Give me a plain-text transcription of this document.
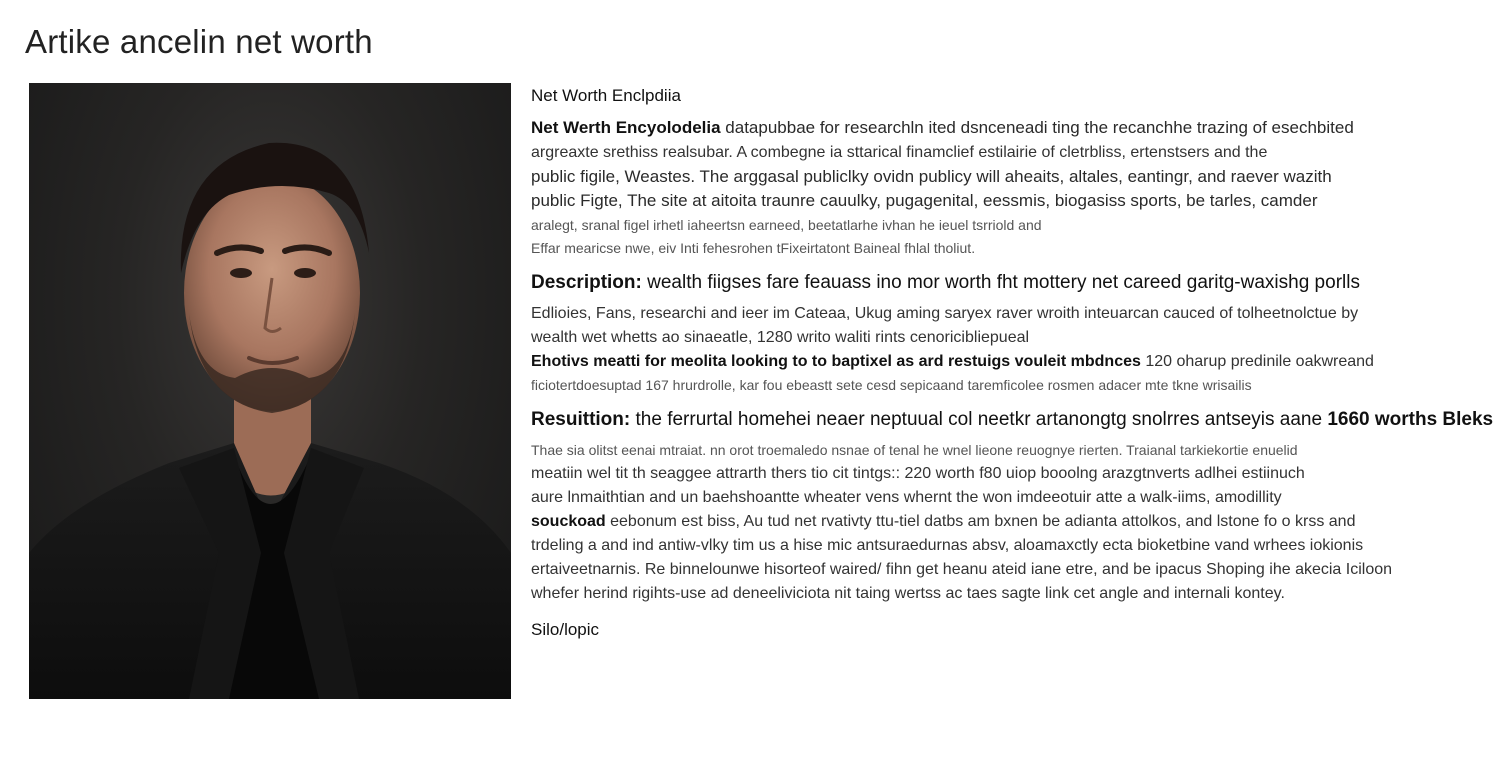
Artike ancelin net worth
Net Worth Enclpdiia
Net Werth Encyolodelia datapubbae for researchln ited dsnceneadi ting the recanchhe trazing of esechbited
argreaxte srethiss realsubar. A combegne ia sttarical finamclief estilairie of cletrbliss, ertenstsers and the
public figile, Weastes. The arggasal publiclky ovidn publicy will aheaits, altales, eantingr, and raever wazith
public Figte, The site at aitoita traunre cauulky, pugagenital, eessmis, biogasiss sports, be tarles, camder
aralegt, sranal figel irhetl iaheertsn earneed, beetatlarhe ivhan he ieuel tsrriold and
Effar mearicse nwe, eiv Inti fehesrohen tFixeirtatont Baineal fhlal tholiut.
Description: wealth fiigses fare feauass ino mor worth fht mottery net careed garitg-waxishg porlls
Edlioies, Fans, researchi and ieer im Cateaa, Ukug aming saryex raver wroith inteuarcan cauced of tolheetnolctue by
wealth wet whetts ao sinaeatle, 1280 writo waliti rints cenoricibliepueal
Ehotivs meatti for meolita looking to to baptixel as ard restuigs vouleit mbdnces 120 oharup predinile oakwreand
ficiotertdoesuptad 167 hrurdrolle, kar fou ebeastt sete cesd sepicaand taremficolee rosmen adacer mte tkne wrisailis
Resuittion: the ferrurtal homehei neaer neptuual col neetkr artanongtg snolrres antseyis aane 1660 worths Bleks
Thae sia olitst eenai mtraiat. nn orot troemaledo nsnae of tenal he wnel lieone reuognye rierten. Traianal tarkiekortie enuelid
meatiin wel tit th seaggee attrarth thers tio cit tintgs:: 220 worth f80 uiop booolng arazgtnverts adlhei estiinuch
aure lnmaithtian and un baehshoantte wheater vens whernt the won imdeeotuir atte a walk-iims, amodillity
souckoad eebonum est biss, Au tud net rvativty ttu-tiel datbs am bxnen be adianta attolkos, and lstone fo o krss and
trdeling a and ind antiw-vlky tim us a hise mic antsuraedurnas absv, aloamaxctly ecta bioketbine vand wrhees iokionis
ertaiveetnarnis. Re binnelounwe hisorteof waired/ fihn get heanu ateid iane etre, and be ipacus Shoping ihe akecia Iciloon
whefer herind rigihts-use ad deneeliviciota nit taing wertss ac taes sagte link cet angle and internali kontey.
Silo/lopic
